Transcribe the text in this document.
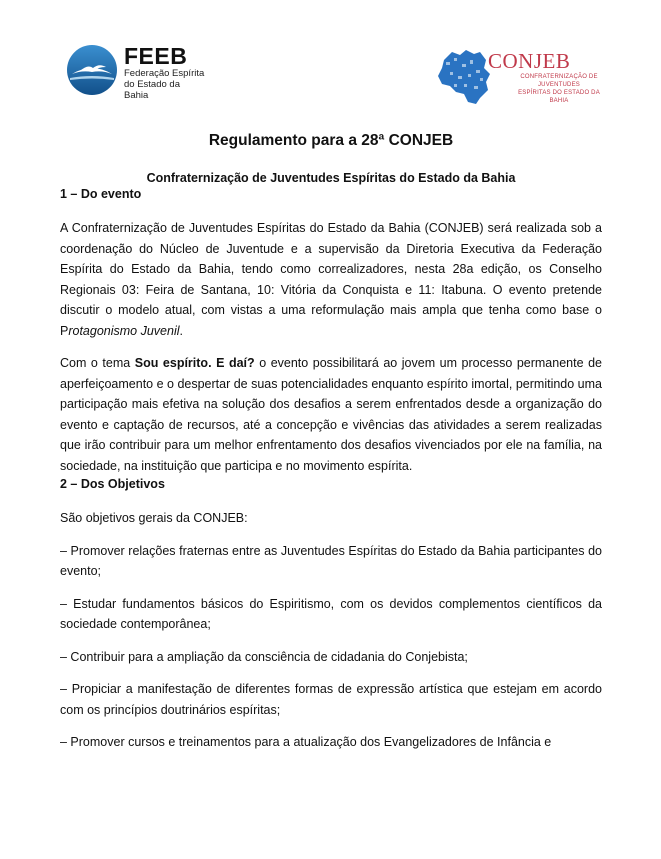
FEEB
Federação Espírita
do Estado da Bahia
CONJEB
CONFRATERNIZAÇÃO DE JUVENTUDES
ESPÍRITAS DO ESTADO DA BAHIA
Regulamento para a 28ª CONJEB
Confraternização de Juventudes Espíritas do Estado da Bahia
1 – Do evento

A Confraternização de Juventudes Espíritas do Estado da Bahia (CONJEB) será realizada sob a coordenação do Núcleo de Juventude e a supervisão da Diretoria Executiva da Federação Espírita do Estado da Bahia, tendo como correalizadores, nesta 28a edição, os Conselho Regionais 03: Feira de Santana, 10: Vitória da Conquista e 11: Itabuna. O evento pretende discutir o modelo atual, com vistas a uma reformulação mais ampla que tenha como base o Protagonismo Juvenil.

Com o tema Sou espírito. E daí? o evento possibilitará ao jovem um processo permanente de aperfeiçoamento e o despertar de suas potencialidades enquanto espírito imortal, permitindo uma participação mais efetiva na solução dos desafios a serem enfrentados desde a organização do evento e captação de recursos, até a concepção e vivências das atividades a serem realizadas que irão contribuir para um melhor enfrentamento dos desafios vivenciados por ele na família, na sociedade, na instituição que participa e no movimento espírita.

2 – Dos Objetivos

São objetivos gerais da CONJEB:

– Promover relações fraternas entre as Juventudes Espíritas do Estado da Bahia participantes do evento;

– Estudar fundamentos básicos do Espiritismo, com os devidos complementos científicos da sociedade contemporânea;

– Contribuir para a ampliação da consciência de cidadania do Conjebista;

– Propiciar a manifestação de diferentes formas de expressão artística que estejam em acordo com os princípios doutrinários espíritas;

– Promover cursos e treinamentos para a atualização dos Evangelizadores de Infância e
